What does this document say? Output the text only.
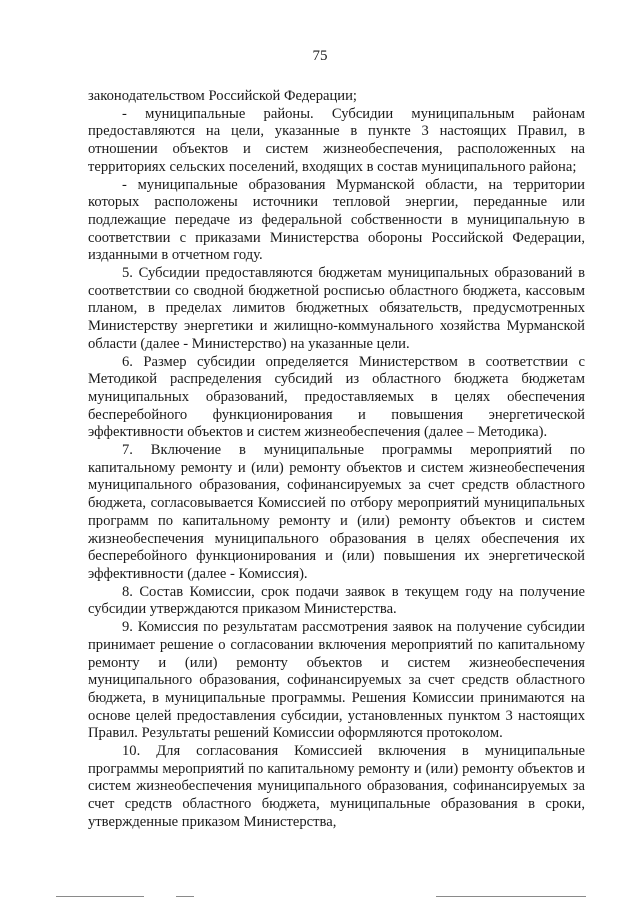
75

законодательством Российской Федерации;

- муниципальные районы. Субсидии муниципальным районам предоставляются на цели, указанные в пункте 3 настоящих Правил, в отношении объектов и систем жизнеобеспечения, расположенных на территориях сельских поселений, входящих в состав муниципального района;

- муниципальные образования Мурманской области, на территории которых расположены источники тепловой энергии, переданные или подлежащие передаче из федеральной собственности в муниципальную в соответствии с приказами Министерства обороны Российской Федерации, изданными в отчетном году.

5. Субсидии предоставляются бюджетам муниципальных образований в соответствии со сводной бюджетной росписью областного бюджета, кассовым планом, в пределах лимитов бюджетных обязательств, предусмотренных Министерству энергетики и жилищно-коммунального хозяйства Мурманской области (далее - Министерство) на указанные цели.

6. Размер субсидии определяется Министерством в соответствии с Методикой распределения субсидий из областного бюджета бюджетам муниципальных образований, предоставляемых в целях обеспечения бесперебойного функционирования и повышения энергетической эффективности объектов и систем жизнеобеспечения (далее – Методика).

7. Включение в муниципальные программы мероприятий по капитальному ремонту и (или) ремонту объектов и систем жизнеобеспечения муниципального образования, софинансируемых за счет средств областного бюджета, согласовывается Комиссией по отбору мероприятий муниципальных программ по капитальному ремонту и (или) ремонту объектов и систем жизнеобеспечения муниципального образования в целях обеспечения их бесперебойного функционирования и (или) повышения их энергетической эффективности (далее - Комиссия).

8. Состав Комиссии, срок подачи заявок в текущем году на получение субсидии утверждаются приказом Министерства.

9. Комиссия по результатам рассмотрения заявок на получение субсидии принимает решение о согласовании включения мероприятий по капитальному ремонту и (или) ремонту объектов и систем жизнеобеспечения муниципального образования, софинансируемых за счет средств областного бюджета, в муниципальные программы. Решения Комиссии принимаются на основе целей предоставления субсидии, установленных пунктом 3 настоящих Правил. Результаты решений Комиссии оформляются протоколом.

10. Для согласования Комиссией включения в муниципальные программы мероприятий по капитальному ремонту и (или) ремонту объектов и систем жизнеобеспечения муниципального образования, софинансируемых за счет средств областного бюджета, муниципальные образования в сроки, утвержденные приказом Министерства,
